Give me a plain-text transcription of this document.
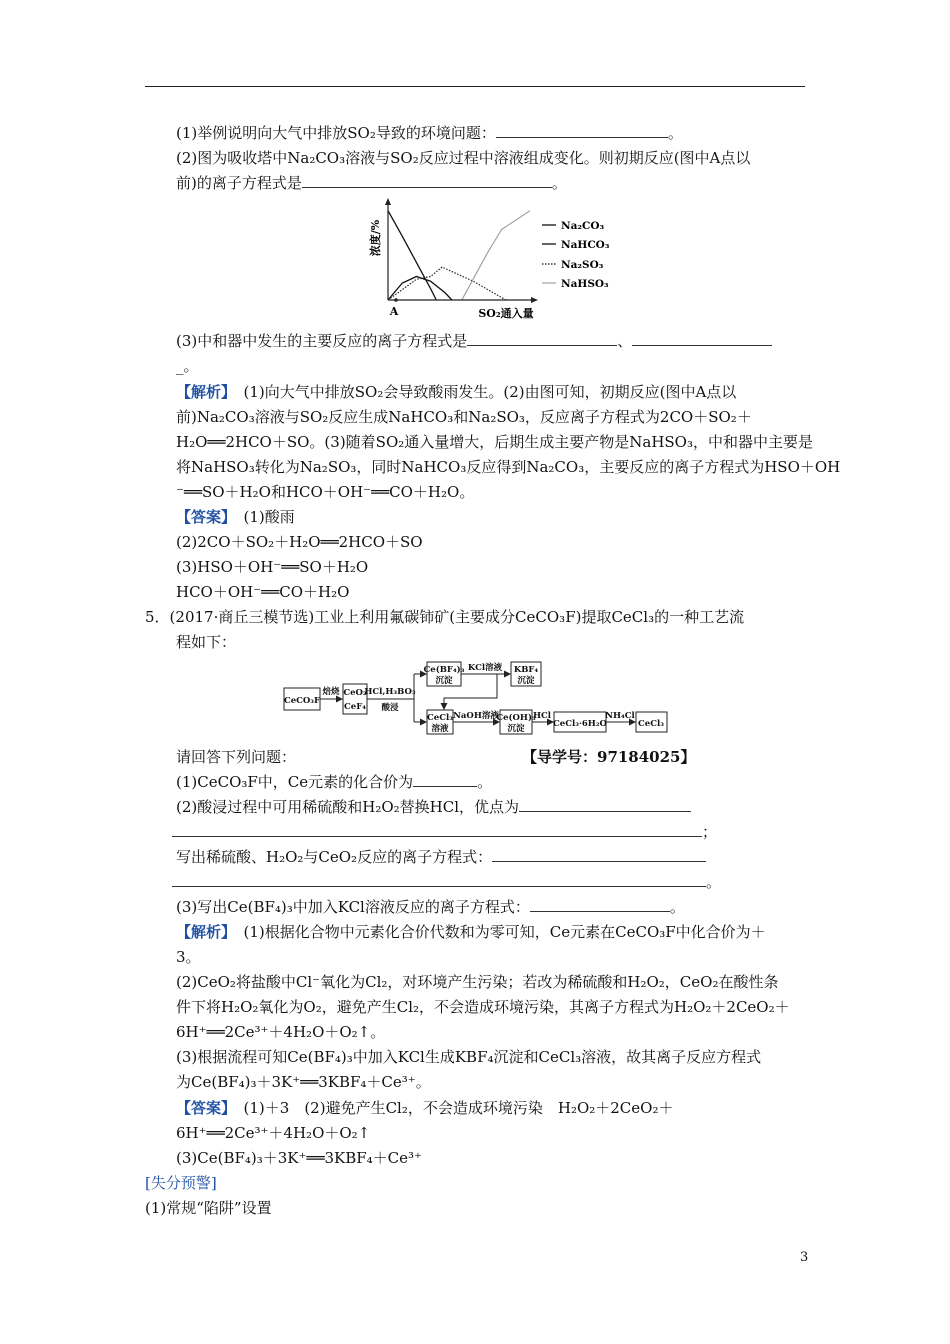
(1)举例说明向大气中排放SO₂导致的环境问题：	。
(2)图为吸收塔中Na₂CO₃溶液与SO₂反应过程中溶液组成变化。则初期反应(图中A点以
前)的离子方程式是	。
浓度/%
A	SO₂通入量
Na₂CO₃
NaHCO₃
Na₂SO₃
NaHSO₃
(3)中和器中发生的主要反应的离子方程式是	、
_。
【解析】　 (1)向大气中排放SO₂会导致酸雨发生。(2)由图可知，初期反应(图中A点以
前)Na₂CO₃溶液与SO₂反应生成NaHCO₃和Na₂SO₃，反应离子方程式为2CO＋SO₂＋
H₂O══2HCO＋SO。(3)随着SO₂通入量增大，后期生成主要产物是NaHSO₃，中和器中主要是
将NaHSO₃转化为Na₂SO₃，同时NaHCO₃反应得到Na₂CO₃，主要反应的离子方程式为HSO＋OH
⁻══SO＋H₂O和HCO＋OH⁻══CO＋H₂O。
【答案】　 (1)酸雨
(2)2CO＋SO₂＋H₂O══2HCO＋SO
(3)HSO＋OH⁻══SO＋H₂O
HCO＋OH⁻══CO＋H₂O
5．(2017·商丘三模节选)工业上利用氟碳铈矿(主要成分CeCO₃F)提取CeCl₃的一种工艺流
程如下：
CeCO₃F
焙烧 CeO₂
CeF₄
HCl,H₃BO₃
酸浸
Ce(BF₄)₃
沉淀
KCl溶液 KBF₄
沉淀
CeCl₃
溶液
NaOH溶液
Ce(OH)₃
沉淀
HCl
CeCl₃·6H₂O
NH₄Cl
CeCl₃
请回答下列问题：	【导学号：97184025】
(1)CeCO₃F中，Ce元素的化合价为	。
(2)酸浸过程中可用稀硫酸和H₂O₂替换HCl，优点为
；
写出稀硫酸、H₂O₂与CeO₂反应的离子方程式：
。
(3)写出Ce(BF₄)₃中加入KCl溶液反应的离子方程式：	。
【解析】　 (1)根据化合物中元素化合价代数和为零可知，Ce元素在CeCO₃F中化合价为＋
3。
(2)CeO₂将盐酸中Cl⁻氧化为Cl₂，对环境产生污染；若改为稀硫酸和H₂O₂，CeO₂在酸性条
件下将H₂O₂氧化为O₂，避免产生Cl₂，不会造成环境污染，其离子方程式为H₂O₂＋2CeO₂＋
6H⁺══2Ce³⁺＋4H₂O＋O₂↑。
(3)根据流程可知Ce(BF₄)₃中加入KCl生成KBF₄沉淀和CeCl₃溶液，故其离子反应方程式
为Ce(BF₄)₃＋3K⁺══3KBF₄＋Ce³⁺。
【答案】　 (1)＋3　(2)避免产生Cl₂，不会造成环境污染　H₂O₂＋2CeO₂＋
6H⁺══2Ce³⁺＋4H₂O＋O₂↑
(3)Ce(BF₄)₃＋3K⁺══3KBF₄＋Ce³⁺
[失分预警]
(1)常规“陷阱”设置
3
